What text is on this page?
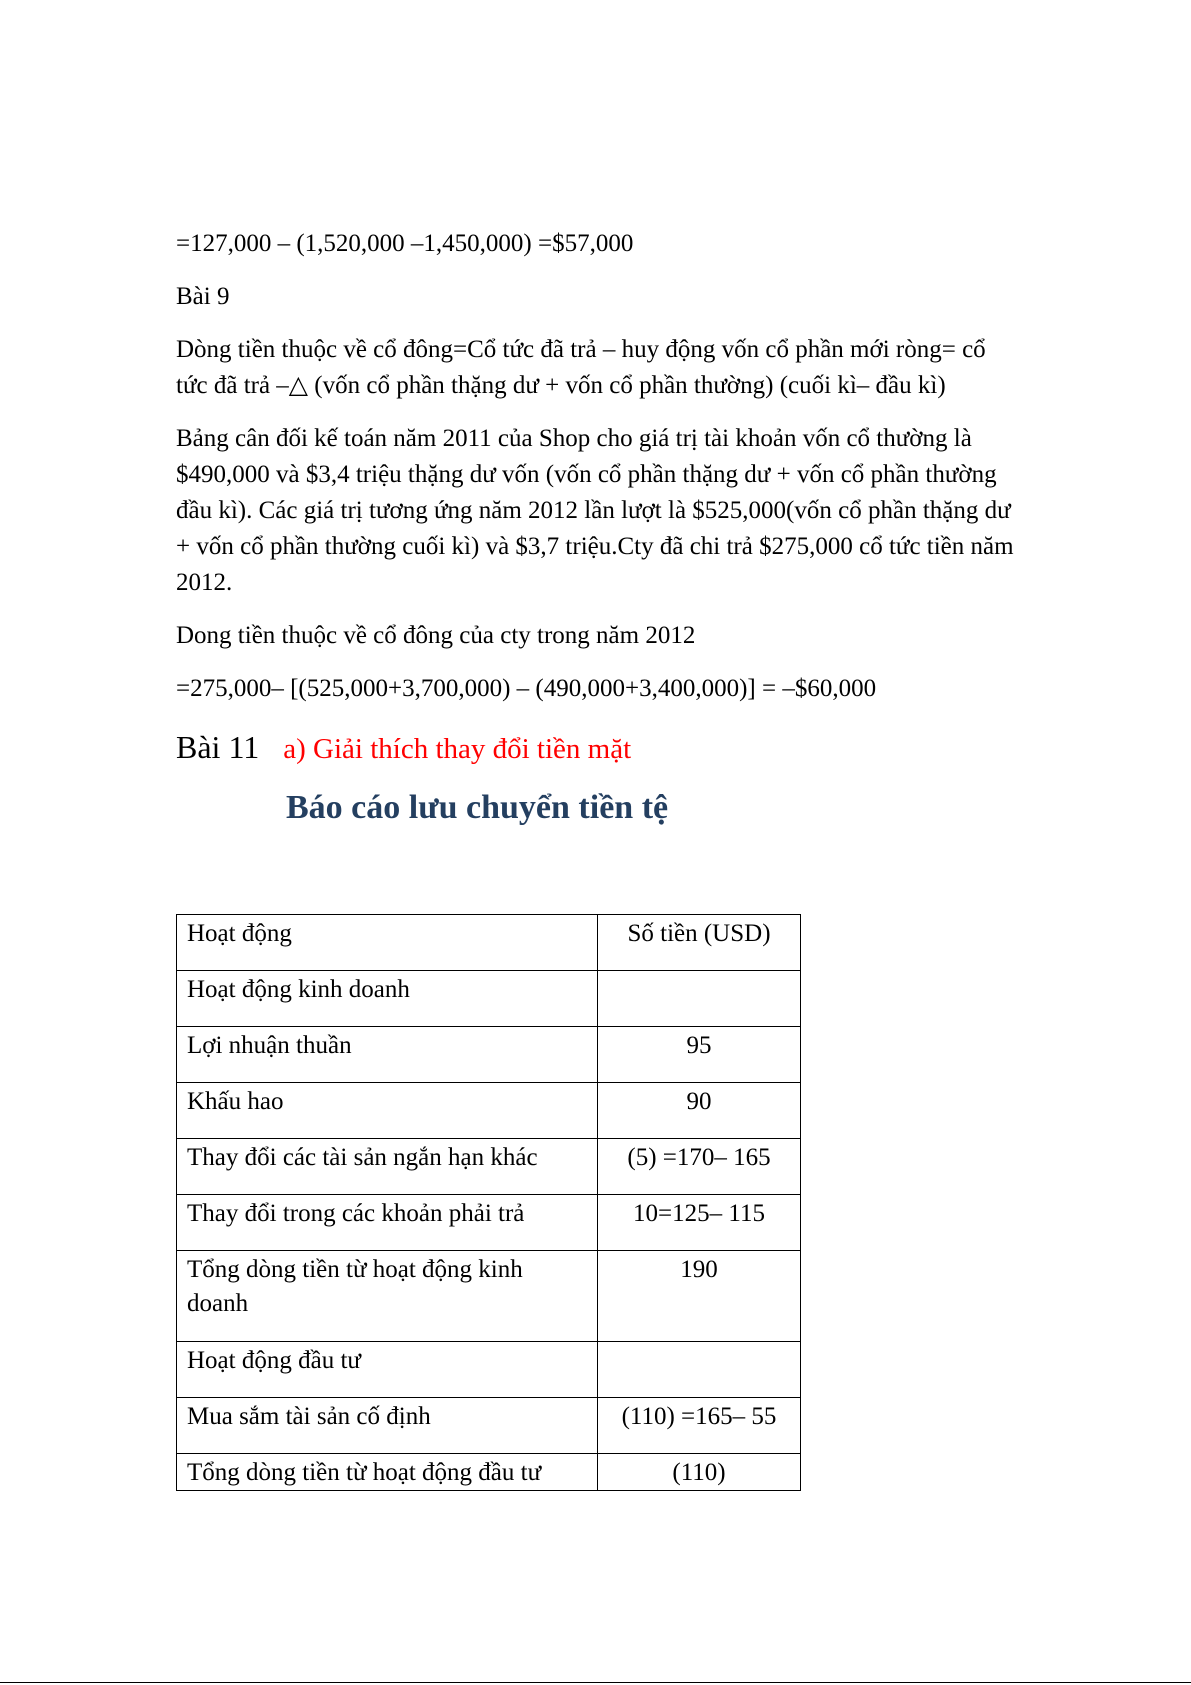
=127,000 – (1,520,000 –1,450,000) =$57,000

Bài 9

Dòng tiền thuộc về cổ đông=Cổ tức đã trả – huy động vốn cổ phần mới ròng= cổ tức đã trả –△ (vốn cổ phần thặng dư + vốn cổ phần thường) (cuối kì– đầu kì)

Bảng cân đối kế toán năm 2011 của Shop cho giá trị tài khoản vốn cổ thường là $490,000 và $3,4 triệu thặng dư vốn (vốn cổ phần thặng dư + vốn cổ phần thường đầu kì). Các giá trị tương ứng năm 2012 lần lượt là $525,000(vốn cổ phần thặng dư + vốn cổ phần thường cuối kì) và $3,7 triệu.Cty đã chi trả $275,000 cổ tức tiền năm 2012.

Dong tiền thuộc về cổ đông của cty trong năm 2012

=275,000– [(525,000+3,700,000) – (490,000+3,400,000)] = –$60,000

Bài 11 a) Giải thích thay đổi tiền mặt
Báo cáo lưu chuyển tiền tệ
Hoạt động	Số tiền (USD)
Hoạt động kinh doanh	
Lợi nhuận thuần	95
Khấu hao	90
Thay đổi các tài sản ngắn hạn khác	(5) =170– 165
Thay đổi trong các khoản phải trả	10=125– 115
Tổng dòng tiền từ hoạt động kinh doanh	190
Hoạt động đầu tư	
Mua sắm tài sản cố định	(110) =165– 55
Tổng dòng tiền từ hoạt động đầu tư	(110)
